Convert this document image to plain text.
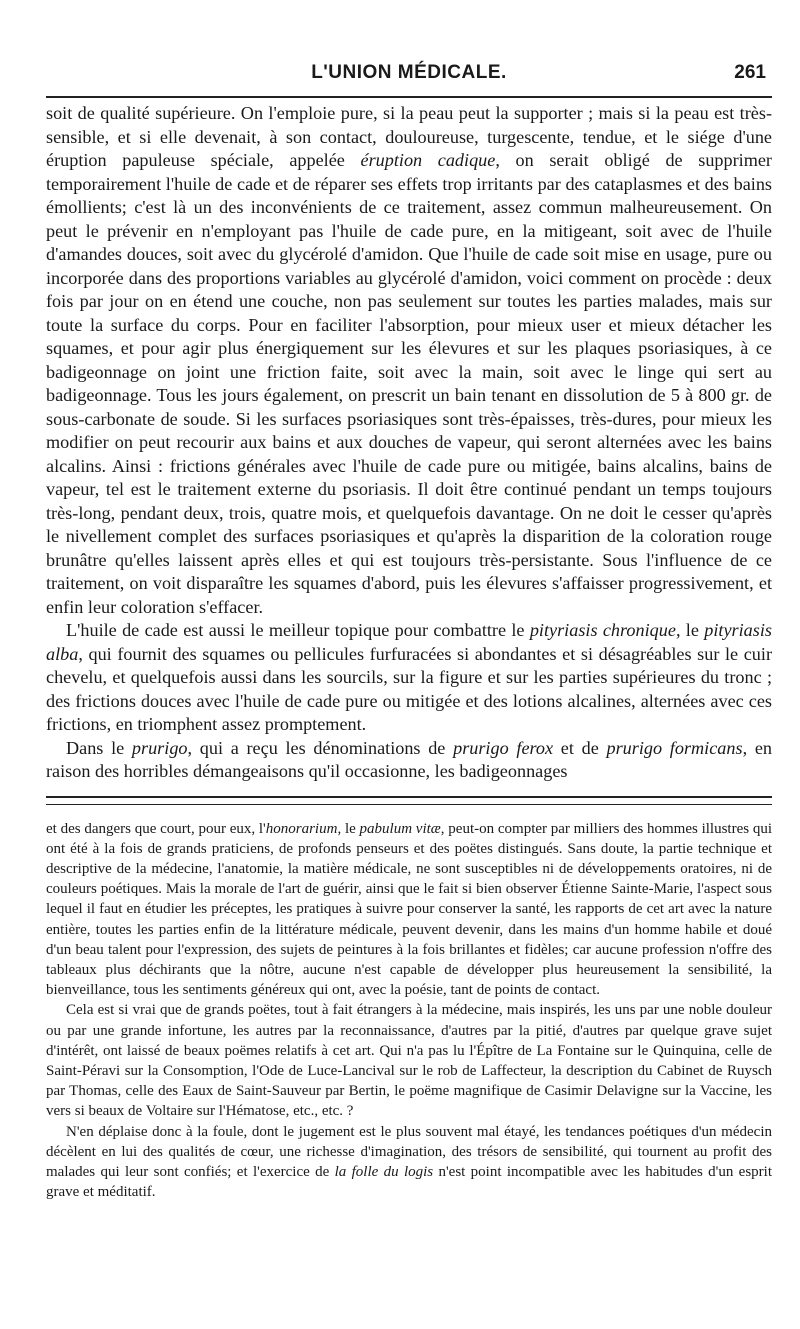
L'UNION MÉDICALE.	261

soit de qualité supérieure. On l'emploie pure, si la peau peut la supporter ; mais si la peau est très-sensible, et si elle devenait, à son contact, douloureuse, turgescente, tendue, et le siége d'une éruption papuleuse spéciale, appelée éruption cadique, on serait obligé de supprimer temporairement l'huile de cade et de réparer ses effets trop irritants par des cataplasmes et des bains émollients; c'est là un des inconvénients de ce traitement, assez commun malheureusement. On peut le prévenir en n'employant pas l'huile de cade pure, en la mitigeant, soit avec de l'huile d'amandes douces, soit avec du glycérolé d'amidon. Que l'huile de cade soit mise en usage, pure ou incorporée dans des proportions variables au glycérolé d'amidon, voici comment on procède : deux fois par jour on en étend une couche, non pas seulement sur toutes les parties malades, mais sur toute la surface du corps. Pour en faciliter l'absorption, pour mieux user et mieux détacher les squames, et pour agir plus énergiquement sur les élevures et sur les plaques psoriasiques, à ce badigeonnage on joint une friction faite, soit avec la main, soit avec le linge qui sert au badigeonnage. Tous les jours également, on prescrit un bain tenant en dissolution de 5 à 800 gr. de sous-carbonate de soude. Si les surfaces psoriasiques sont très-épaisses, très-dures, pour mieux les modifier on peut recourir aux bains et aux douches de vapeur, qui seront alternées avec les bains alcalins. Ainsi : frictions générales avec l'huile de cade pure ou mitigée, bains alcalins, bains de vapeur, tel est le traitement externe du psoriasis. Il doit être continué pendant un temps toujours très-long, pendant deux, trois, quatre mois, et quelquefois davantage. On ne doit le cesser qu'après le nivellement complet des surfaces psoriasiques et qu'après la disparition de la coloration rouge brunâtre qu'elles laissent après elles et qui est toujours très-persistante. Sous l'influence de ce traitement, on voit disparaître les squames d'abord, puis les élevures s'affaisser progressivement, et enfin leur coloration s'effacer.

L'huile de cade est aussi le meilleur topique pour combattre le pityriasis chronique, le pityriasis alba, qui fournit des squames ou pellicules furfuracées si abondantes et si désagréables sur le cuir chevelu, et quelquefois aussi dans les sourcils, sur la figure et sur les parties supérieures du tronc ; des frictions douces avec l'huile de cade pure ou mitigée et des lotions alcalines, alternées avec ces frictions, en triomphent assez promptement.

Dans le prurigo, qui a reçu les dénominations de prurigo ferox et de prurigo formicans, en raison des horribles démangeaisons qu'il occasionne, les badigeonnages

et des dangers que court, pour eux, l'honorarium, le pabulum vitæ, peut-on compter par milliers des hommes illustres qui ont été à la fois de grands praticiens, de profonds penseurs et des poëtes distingués. Sans doute, la partie technique et descriptive de la médecine, l'anatomie, la matière médicale, ne sont susceptibles ni de développements oratoires, ni de couleurs poétiques. Mais la morale de l'art de guérir, ainsi que le fait si bien observer Étienne Sainte-Marie, l'aspect sous lequel il faut en étudier les préceptes, les pratiques à suivre pour conserver la santé, les rapports de cet art avec la nature entière, toutes les parties enfin de la littérature médicale, peuvent devenir, dans les mains d'un homme habile et doué d'un beau talent pour l'expression, des sujets de peintures à la fois brillantes et fidèles; car aucune profession n'offre des tableaux plus déchirants que la nôtre, aucune n'est capable de développer plus heureusement la sensibilité, la bienveillance, tous les sentiments généreux qui ont, avec la poésie, tant de points de contact.

Cela est si vrai que de grands poëtes, tout à fait étrangers à la médecine, mais inspirés, les uns par une noble douleur ou par une grande infortune, les autres par la reconnaissance, d'autres par la pitié, d'autres par quelque grave sujet d'intérêt, ont laissé de beaux poëmes relatifs à cet art. Qui n'a pas lu l'Épître de La Fontaine sur le Quinquina, celle de Saint-Péravi sur la Consomption, l'Ode de Luce-Lancival sur le rob de Laffecteur, la description du Cabinet de Ruysch par Thomas, celle des Eaux de Saint-Sauveur par Bertin, le poëme magnifique de Casimir Delavigne sur la Vaccine, les vers si beaux de Voltaire sur l'Hématose, etc., etc. ?

N'en déplaise donc à la foule, dont le jugement est le plus souvent mal étayé, les tendances poétiques d'un médecin décèlent en lui des qualités de cœur, une richesse d'imagination, des trésors de sensibilité, qui tournent au profit des malades qui leur sont confiés; et l'exercice de la folle du logis n'est point incompatible avec les habitudes d'un esprit grave et méditatif.
